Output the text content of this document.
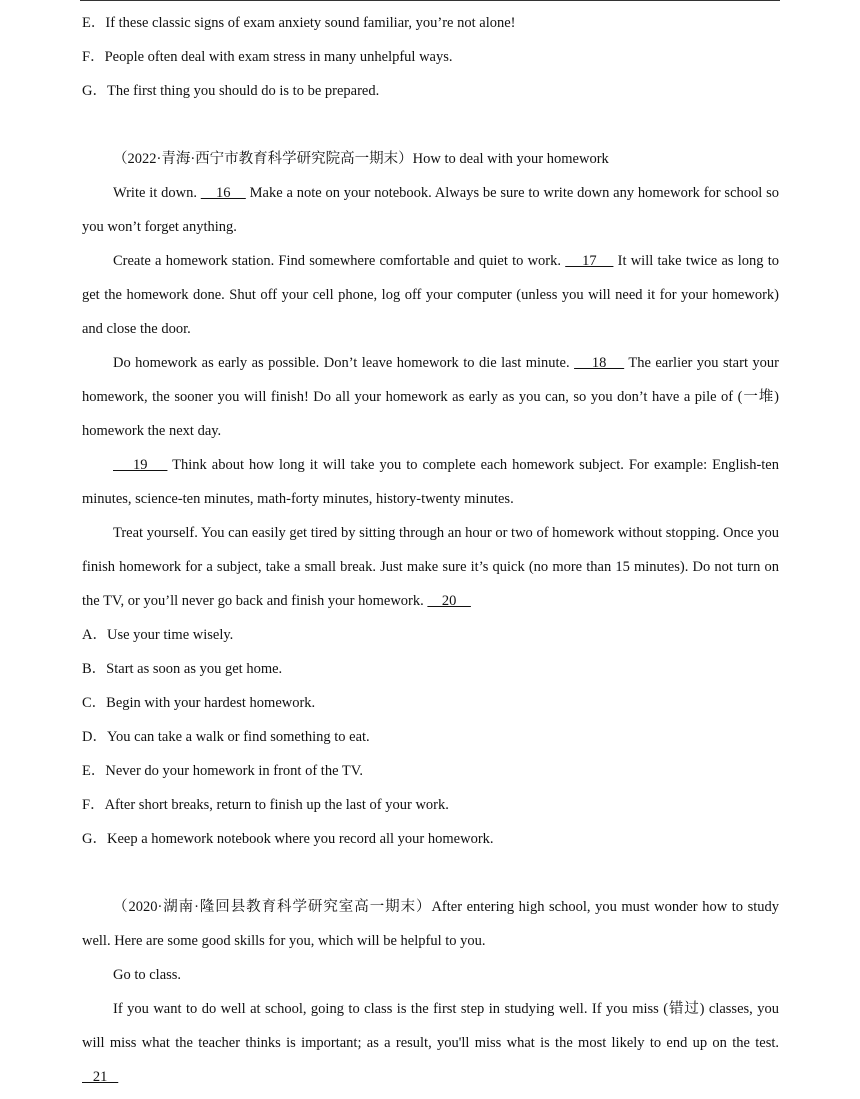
E．If these classic signs of exam anxiety sound familiar, you’re not alone!
F．People often deal with exam stress in many unhelpful ways.
G．The first thing you should do is to be prepared.
（2022·青海·西宁市教育科学研究院高一期末）How to deal with your homework

Write it down.     16     Make a note on your notebook. Always be sure to write down any homework for school so you won’t forget anything.

Create a homework station. Find somewhere comfortable and quiet to work.     17     It will take twice as long to get the homework done. Shut off your cell phone, log off your computer (unless you will need it for your homework) and close the door.

Do homework as early as possible. Don’t leave homework to die last minute.     18     The earlier you start your homework, the sooner you will finish! Do all your homework as early as you can, so you don’t have a pile of (一堆) homework the next day.

19     Think about how long it will take you to complete each homework subject. For example: English-ten minutes, science-ten minutes, math-forty minutes, history-twenty minutes.

Treat yourself. You can easily get tired by sitting through an hour or two of homework without stopping. Once you finish homework for a subject, take a small break. Just make sure it’s quick (no more than 15 minutes). Do not turn on the TV, or you’ll never go back and finish your homework.     20

A．Use your time wisely.
B．Start as soon as you get home.
C．Begin with your hardest homework.
D．You can take a walk or find something to eat.
E．Never do your homework in front of the TV.
F．After short breaks, return to finish up the last of your work.
G．Keep a homework notebook where you record all your homework.

（2020·湖南·隆回县教育科学研究室高一期末）After entering high school, you must wonder how to study well. Here are some good skills for you, which will be helpful to you.

Go to class.

If you want to do well at school, going to class is the first step in studying well. If you miss (错过) classes, you will miss what the teacher thinks is important; as a result, you'll miss what is the most likely to end up on the test.    21
